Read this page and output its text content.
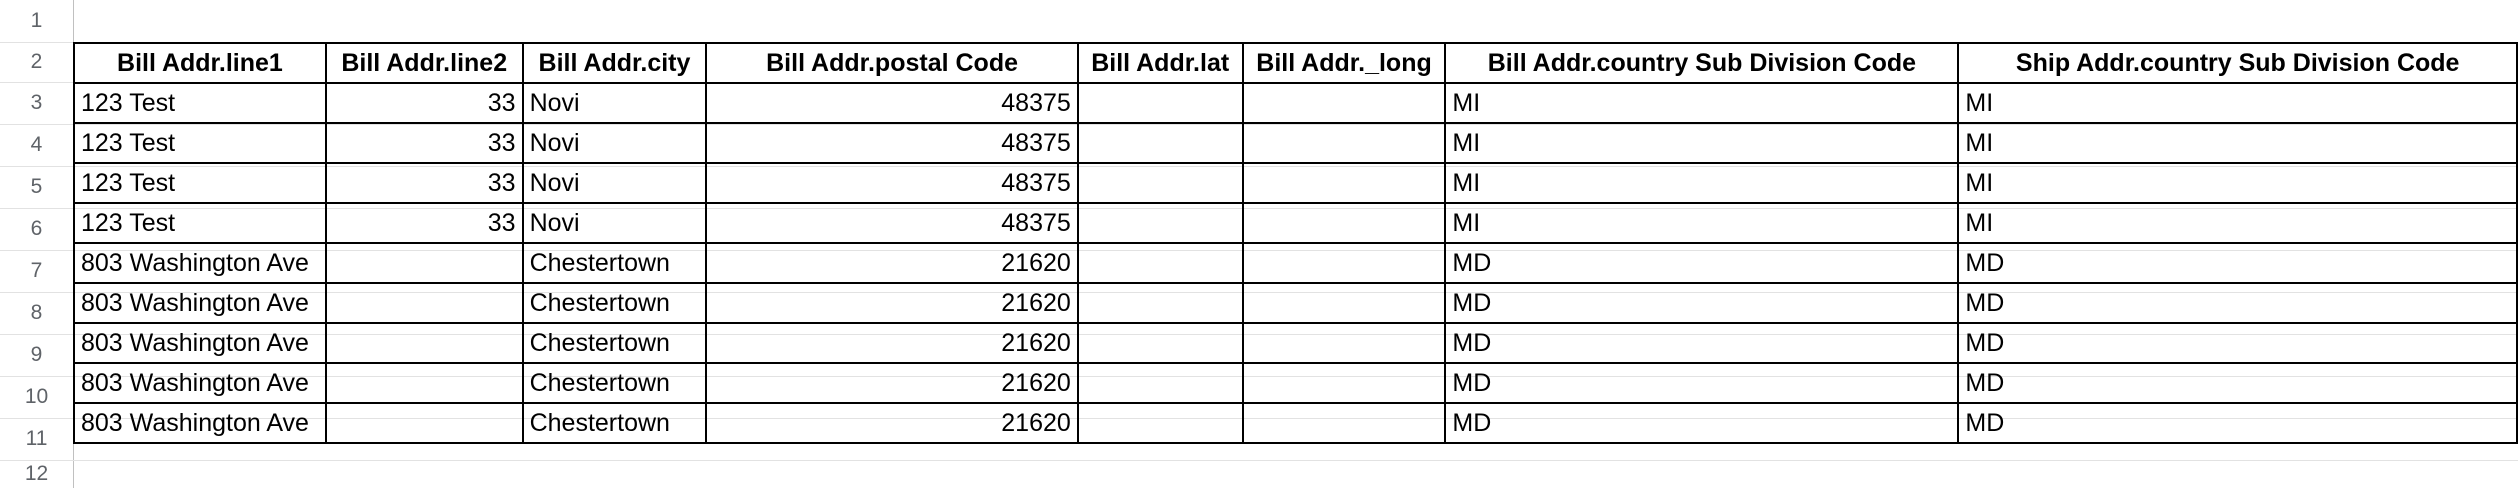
1
2
3
4
5
6
7
8
9
10
11
12
Bill Addr.line1	Bill Addr.line2	Bill Addr.city	Bill Addr.postal Code	Bill Addr.lat	Bill Addr._long	Bill Addr.country Sub Division Code	Ship Addr.country Sub Division Code
123 Test	33	Novi	48375			MI	MI
123 Test	33	Novi	48375			MI	MI
123 Test	33	Novi	48375			MI	MI
123 Test	33	Novi	48375			MI	MI
803 Washington Ave		Chestertown	21620			MD	MD
803 Washington Ave		Chestertown	21620			MD	MD
803 Washington Ave		Chestertown	21620			MD	MD
803 Washington Ave		Chestertown	21620			MD	MD
803 Washington Ave		Chestertown	21620			MD	MD
